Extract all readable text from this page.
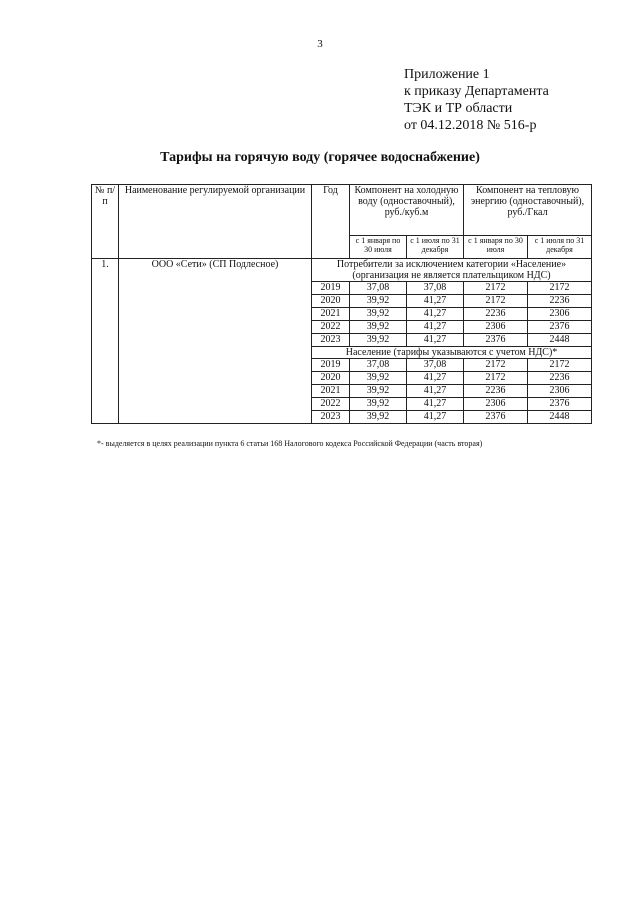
3
Приложение 1
к приказу Департамента
ТЭК и ТР области
от 04.12.2018 № 516-р
Тарифы на горячую воду (горячее водоснабжение)
№ п/п	Наименование регулируемой организации	Год	Компонент на холодную воду (одноставочный), руб./куб.м		Компонент на тепловую энергию (одноставочный), руб./Гкал	
			с 1 января по 30 июля	с 1 июля по 31 декабря	с 1 января по 30 июля	с 1 июля по 31 декабря
1.	ООО «Сети» (СП Подлесное)	Потребители за исключением категории «Население» (организация не является плательщиком НДС)				
		2019	37,08	37,08	2172	2172
		2020	39,92	41,27	2172	2236
		2021	39,92	41,27	2236	2306
		2022	39,92	41,27	2306	2376
		2023	39,92	41,27	2376	2448
		Население (тарифы указываются с учетом НДС)*				
		2019	37,08	37,08	2172	2172
		2020	39,92	41,27	2172	2236
		2021	39,92	41,27	2236	2306
		2022	39,92	41,27	2306	2376
		2023	39,92	41,27	2376	2448
*- выделяется в целях реализации пункта 6 статьи 168 Налогового кодекса Российской Федерации (часть вторая)
